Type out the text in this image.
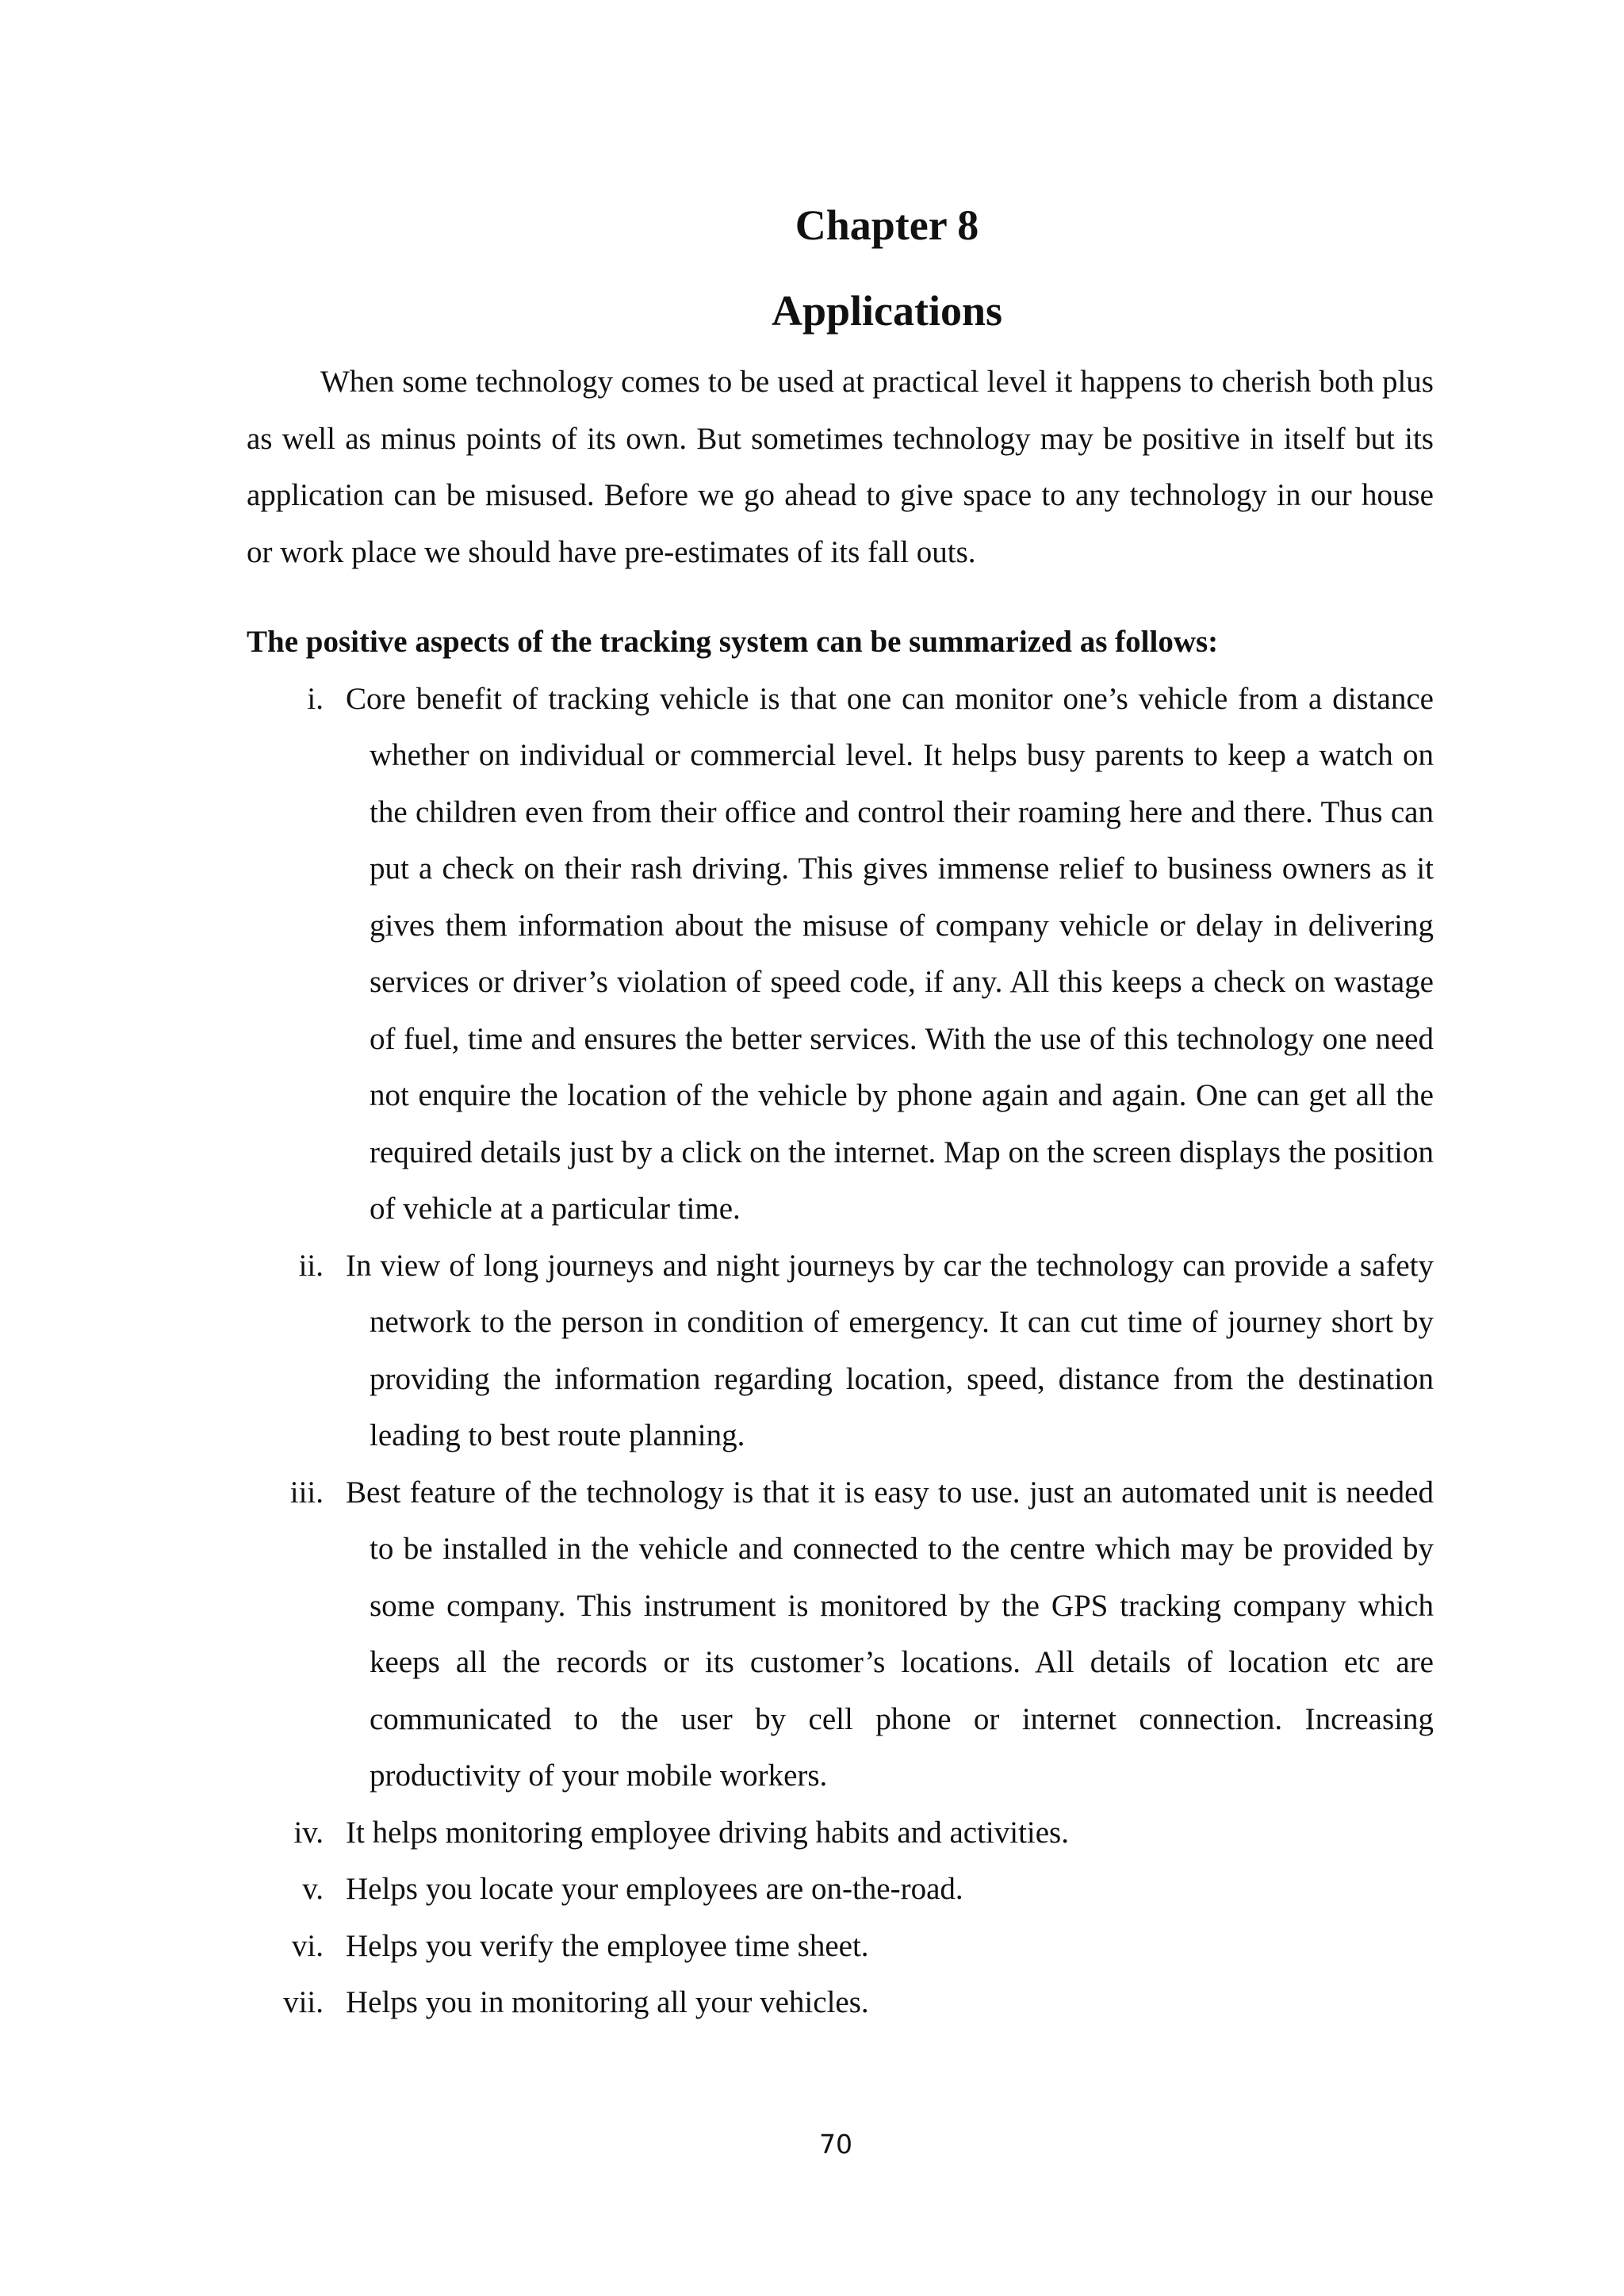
Chapter 8
Applications

When some technology comes to be used at practical level it happens to cherish both plus as well as minus points of its own. But sometimes technology may be positive in itself but its application can be misused. Before we go ahead to give space to any technology in our house or work place we should have pre-estimates of its fall outs.

The positive aspects of the tracking system can be summarized as follows:
i. Core benefit of tracking vehicle is that one can monitor one’s vehicle from a distance whether on individual or commercial level. It helps busy parents to keep a watch on the children even from their office and control their roaming here and there. Thus can put a check on their rash driving. This gives immense relief to business owners as it gives them information about the misuse of company vehicle or delay in delivering services or driver’s violation of speed code, if any. All this keeps a check on wastage of fuel, time and ensures the better services. With the use of this technology one need not enquire the location of the vehicle by phone again and again. One can get all the required details just by a click on the internet. Map on the screen displays the position of vehicle at a particular time.
ii. In view of long journeys and night journeys by car the technology can provide a safety network to the person in condition of emergency. It can cut time of journey short by providing the information regarding location, speed, distance from the destination leading to best route planning.
iii. Best feature of the technology is that it is easy to use. just an automated unit is needed to be installed in the vehicle and connected to the centre which may be provided by some company. This instrument is monitored by the GPS tracking company which keeps all the records or its customer’s locations. All details of location etc are communicated to the user by cell phone or internet connection. Increasing productivity of your mobile workers.
iv. It helps monitoring employee driving habits and activities.
v. Helps you locate your employees are on-the-road.
vi. Helps you verify the employee time sheet.
vii. Helps you in monitoring all your vehicles.
70
